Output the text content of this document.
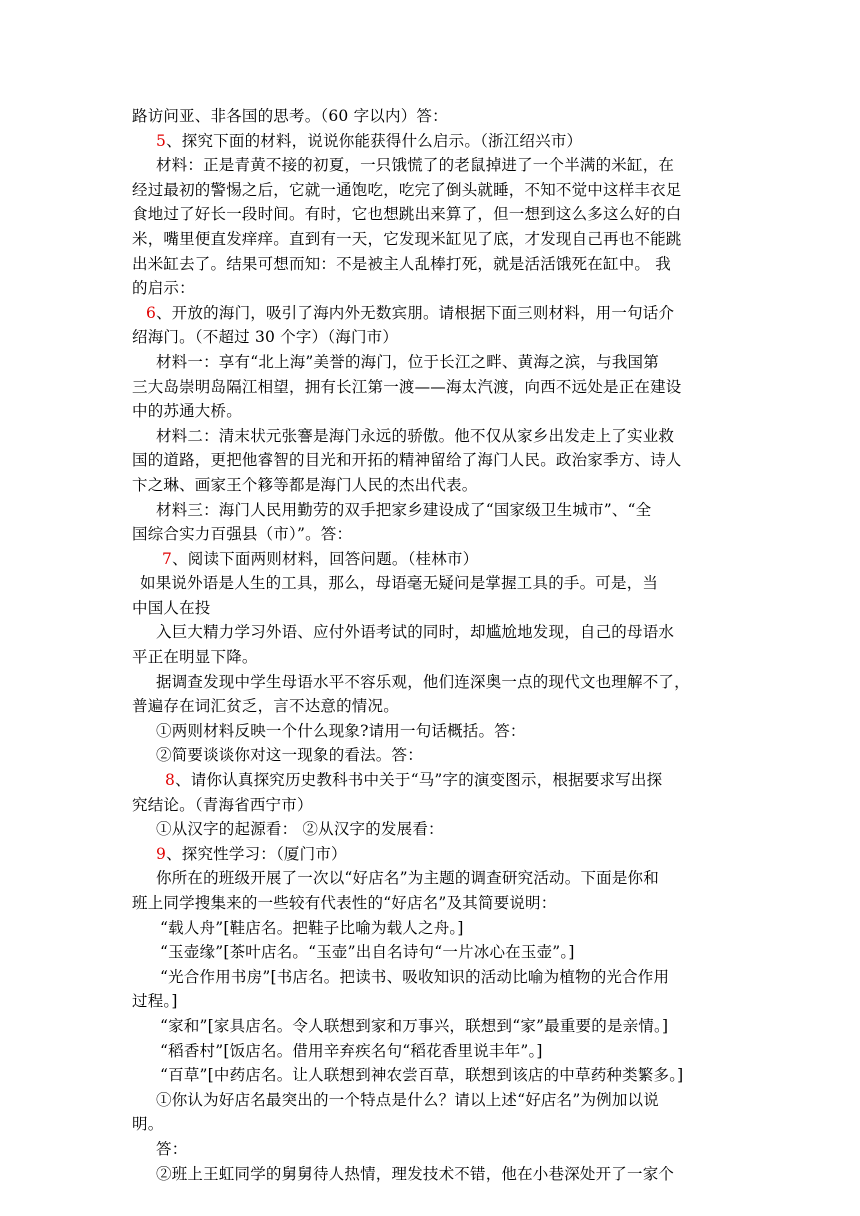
路访问亚、非各国的思考。（60 字以内）答：
5、探究下面的材料，说说你能获得什么启示。（浙江绍兴市）
材料：正是青黄不接的初夏，一只饿慌了的老鼠掉进了一个半满的米缸，在
经过最初的警惕之后，它就一通饱吃，吃完了倒头就睡，不知不觉中这样丰衣足
食地过了好长一段时间。有时，它也想跳出来算了，但一想到这么多这么好的白
米，嘴里便直发痒痒。直到有一天，它发现米缸见了底，才发现自己再也不能跳
出米缸去了。结果可想而知：不是被主人乱棒打死，就是活活饿死在缸中。 我
的启示：
6、开放的海门，吸引了海内外无数宾朋。请根据下面三则材料，用一句话介
绍海门。（不超过 30 个字）（海门市）
材料一：享有“北上海”美誉的海门，位于长江之畔、黄海之滨，与我国第
三大岛崇明岛隔江相望，拥有长江第一渡——海太汽渡，向西不远处是正在建设
中的苏通大桥。
材料二：清末状元张謇是海门永远的骄傲。他不仅从家乡出发走上了实业救
国的道路，更把他睿智的目光和开拓的精神留给了海门人民。政治家季方、诗人
卞之琳、画家王个簃等都是海门人民的杰出代表。
材料三：海门人民用勤劳的双手把家乡建设成了“国家级卫生城市”、“全
国综合实力百强县（市）”。答：
7、阅读下面两则材料，回答问题。（桂林市）
如果说外语是人生的工具，那么，母语毫无疑问是掌握工具的手。可是，当
中国人在投
入巨大精力学习外语、应付外语考试的同时，却尴尬地发现，自己的母语水
平正在明显下降。
据调查发现中学生母语水平不容乐观，他们连深奥一点的现代文也理解不了，
普遍存在词汇贫乏，言不达意的情况。
①两则材料反映一个什么现象?请用一句话概括。答：
②简要谈谈你对这一现象的看法。答：
8、请你认真探究历史教科书中关于“马”字的演变图示，根据要求写出探
究结论。（青海省西宁市）
①从汉字的起源看： ②从汉字的发展看：
9、探究性学习：（厦门市）
你所在的班级开展了一次以“好店名”为主题的调查研究活动。下面是你和
班上同学搜集来的一些较有代表性的“好店名”及其简要说明：
“载人舟”[鞋店名。把鞋子比喻为载人之舟。]
“玉壶缘”[茶叶店名。“玉壶”出自名诗句“一片冰心在玉壶”。]
“光合作用书房”[书店名。把读书、吸收知识的活动比喻为植物的光合作用
过程。]
“家和”[家具店名。令人联想到家和万事兴，联想到“家”最重要的是亲情。]
“稻香村”[饭店名。借用辛弃疾名句“稻花香里说丰年”。]
“百草”[中药店名。让人联想到神农尝百草，联想到该店的中草药种类繁多。]
①你认为好店名最突出的一个特点是什么？请以上述“好店名”为例加以说
明。
答：
②班上王虹同学的舅舅待人热情，理发技术不错，他在小巷深处开了一家个
